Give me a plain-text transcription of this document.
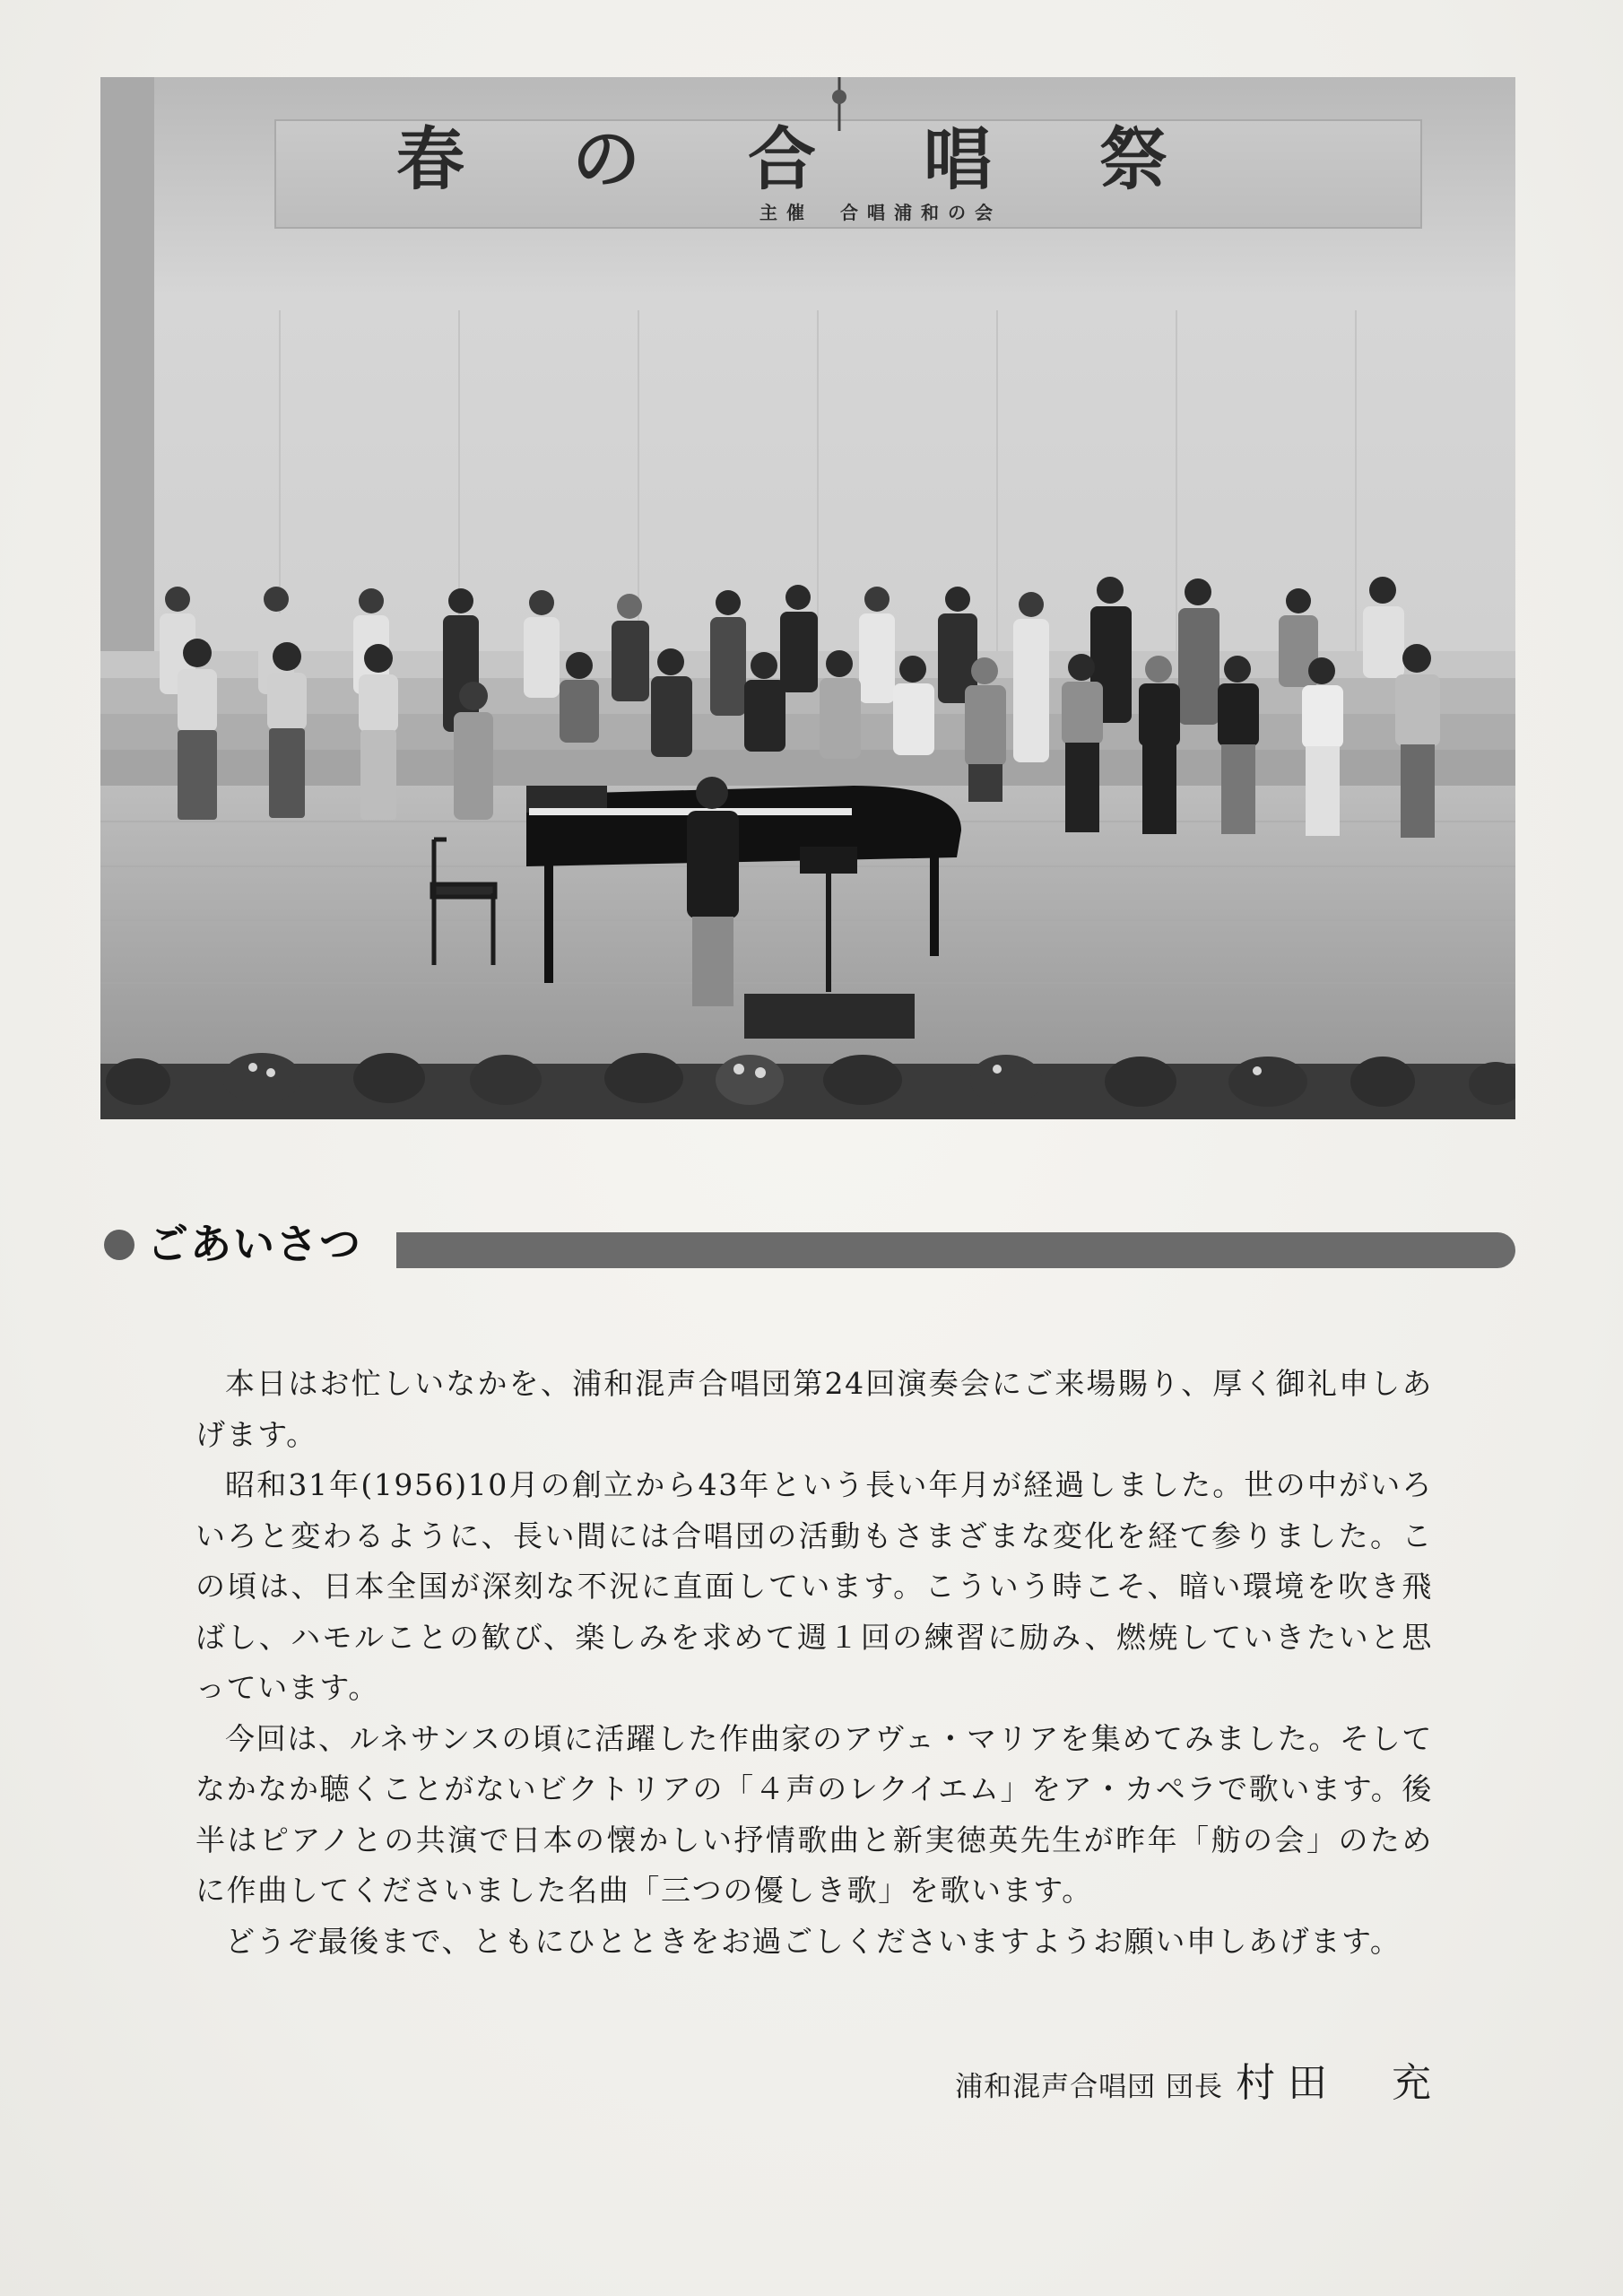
春の合唱祭
主催　合唱浦和の会
ごあいさつ

本日はお忙しいなかを、浦和混声合唱団第24回演奏会にご来場賜り、厚く御礼申しあげます。

昭和31年(1956)10月の創立から43年という長い年月が経過しました。世の中がいろいろと変わるように、長い間には合唱団の活動もさまざまな変化を経て参りました。この頃は、日本全国が深刻な不況に直面しています。こういう時こそ、暗い環境を吹き飛ばし、ハモルことの歓び、楽しみを求めて週１回の練習に励み、燃焼していきたいと思っています。

今回は、ルネサンスの頃に活躍した作曲家のアヴェ・マリアを集めてみました。そしてなかなか聴くことがないビクトリアの「４声のレクイエム」をア・カペラで歌います。後半はピアノとの共演で日本の懐かしい抒情歌曲と新実徳英先生が昨年「舫の会」のために作曲してくださいました名曲「三つの優しき歌」を歌います。

どうぞ最後まで、ともにひとときをお過ごしくださいますようお願い申しあげます。

浦和混声合唱団 団長 村田　充
